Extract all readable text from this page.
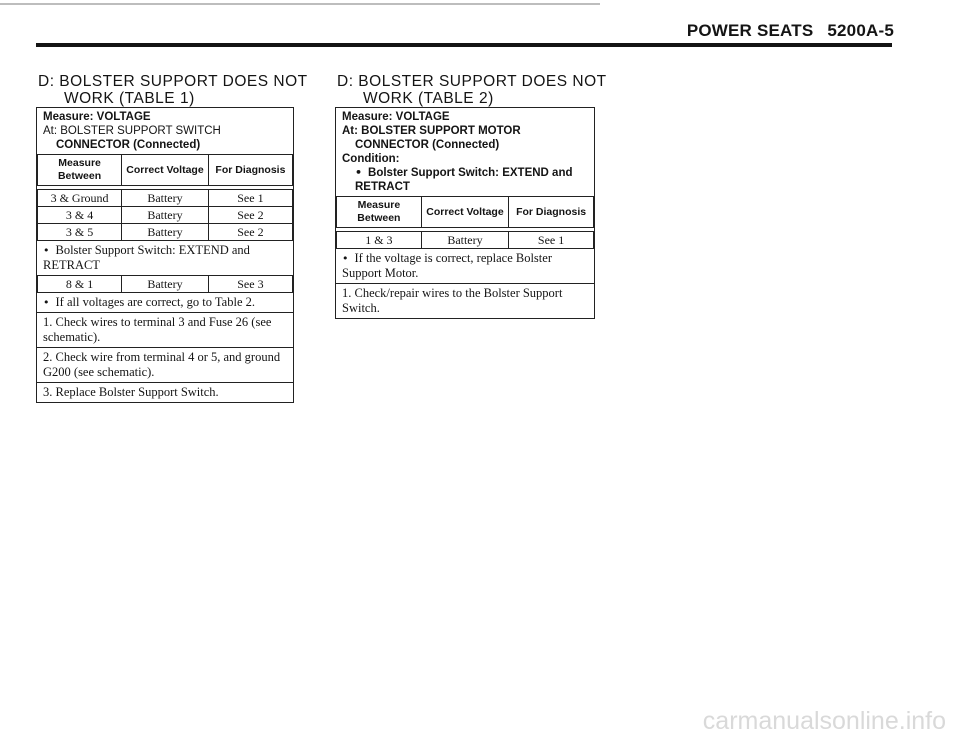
POWER SEATS 5200A-5
D: BOLSTER SUPPORT DOES NOT
WORK (TABLE 1)
Measure: VOLTAGE
At: BOLSTER SUPPORT SWITCH
CONNECTOR (Connected)
Measure Between	Correct Voltage	For Diagnosis

3 & Ground	Battery	See 1
3 & 4	Battery	See 2
3 & 5	Battery	See 2
• Bolster Support Switch: EXTEND and RETRACT
8 & 1	Battery	See 3
• If all voltages are correct, go to Table 2.
1. Check wires to terminal 3 and Fuse 26 (see schematic).
2. Check wire from terminal 4 or 5, and ground G200 (see schematic).
3. Replace Bolster Support Switch.
D: BOLSTER SUPPORT DOES NOT
WORK (TABLE 2)
Measure: VOLTAGE
At: BOLSTER SUPPORT MOTOR
CONNECTOR (Connected)
Condition:
• Bolster Support Switch: EXTEND and RETRACT
Measure Between	Correct Voltage	For Diagnosis

1 & 3	Battery	See 1
• If the voltage is correct, replace Bolster Support Motor.
1. Check/repair wires to the Bolster Support Switch.
carmanualsonline.info
